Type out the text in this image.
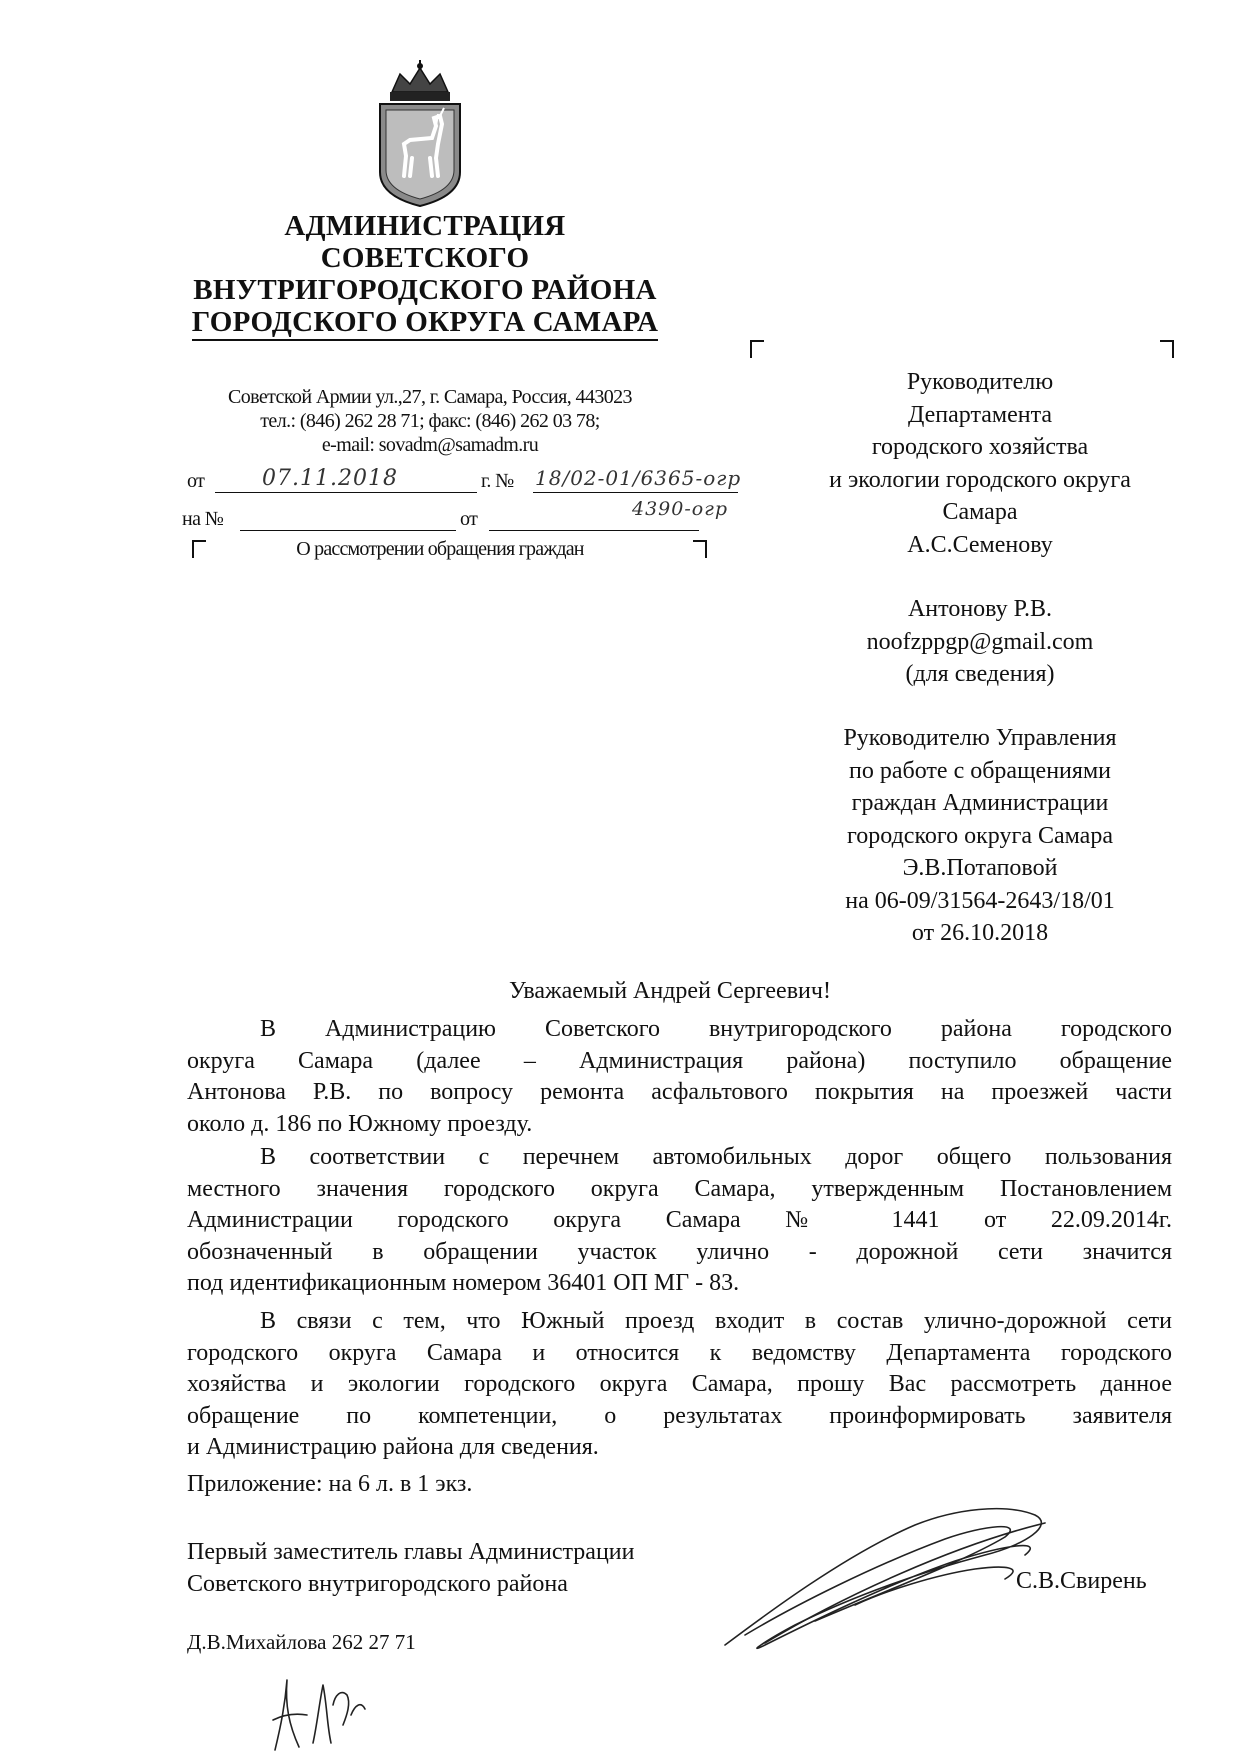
АДМИНИСТРАЦИЯ
СОВЕТСКОГО
ВНУТРИГОРОДСКОГО РАЙОНА
ГОРОДСКОГО ОКРУГА САМАРА
Советской Армии ул.,27, г. Самара, Россия, 443023
тел.: (846) 262 28 71; факс: (846) 262 03 78;
e-mail: sovadm@samadm.ru
от	07.11.2018	г. № 18/02-01/6365-огр
на №	от	4390-огр
О рассмотрении обращения граждан
Руководителю
Департамента
городского хозяйства
и экологии городского округа
Самара
А.С.Семенову
Антонову Р.В.
noofzppgp@gmail.com
(для сведения)
Руководителю Управления
по работе с обращениями
граждан Администрации
городского округа Самара
Э.В.Потаповой
на 06-09/31564-2643/18/01
от 26.10.2018
Уважаемый Андрей Сергеевич!
В Администрацию Советского внутригородского района городского
округа Самара (далее – Администрация района) поступило обращение
Антонова Р.В. по вопросу ремонта асфальтового покрытия на проезжей части
около д. 186 по Южному проезду.
В соответствии с перечнем автомобильных дорог общего пользования
местного значения городского округа Самара, утвержденным Постановлением
Администрации городского округа Самара № 1441 от 22.09.2014г.
обозначенный в обращении участок улично - дорожной сети значится
под идентификационным номером 36401 ОП МГ - 83.
В связи с тем, что Южный проезд входит в состав улично-дорожной сети
городского округа Самара и относится к ведомству Департамента городского
хозяйства и экологии городского округа Самара, прошу Вас рассмотреть данное
обращение по компетенции, о результатах проинформировать заявителя
и Администрацию района для сведения.
Приложение: на 6 л. в 1 экз.
Первый заместитель главы Администрации
Советского внутригородского района	С.В.Свирень
Д.В.Михайлова 262 27 71
